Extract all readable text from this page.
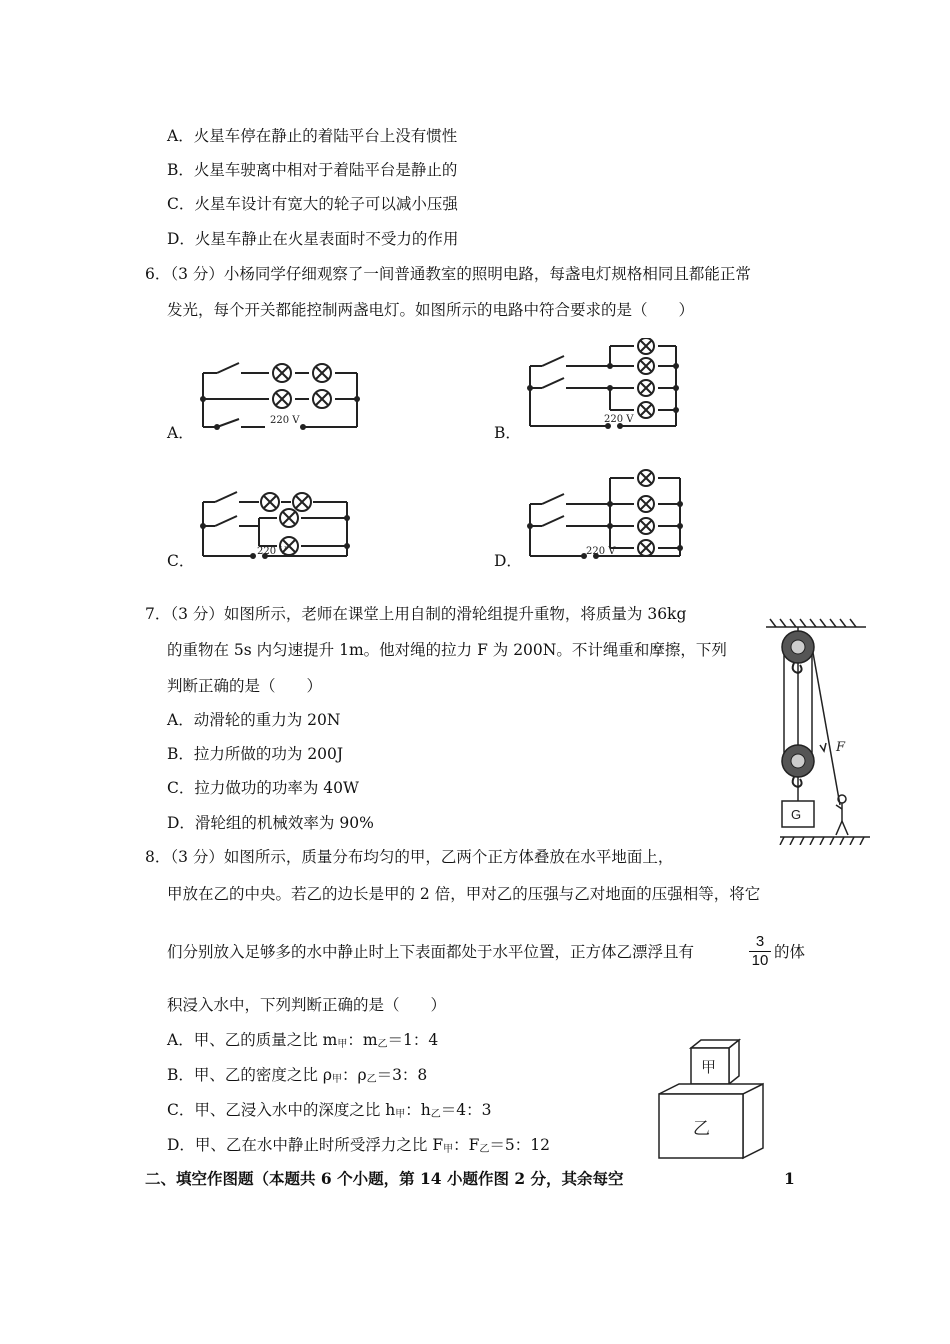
A．火星车停在静止的着陆平台上没有惯性
B．火星车驶离中相对于着陆平台是静止的
C．火星车设计有宽大的轮子可以减小压强
D．火星车静止在火星表面时不受力的作用
6．（3 分）小杨同学仔细观察了一间普通教室的照明电路，每盏电灯规格相同且都能正常
发光，每个开关都能控制两盏电灯。如图所示的电路中符合要求的是（　　）
A．	B．
C．	D．
220 V	220 V
220 V	220 V
7．（3 分）如图所示，老师在课堂上用自制的滑轮组提升重物，将质量为 36kg
的重物在 5s 内匀速提升 1m。他对绳的拉力 F 为 200N。不计绳重和摩擦，下列
判断正确的是（　　）
A．动滑轮的重力为 20N
B．拉力所做的功为 200J
C．拉力做功的功率为 40W
D．滑轮组的机械效率为 90%
F
G
8．（3 分）如图所示，质量分布均匀的甲，乙两个正方体叠放在水平地面上，
甲放在乙的中央。若乙的边长是甲的 2 倍，甲对乙的压强与乙对地面的压强相等，将它
们分别放入足够多的水中静止时上下表面都处于水平位置，正方体乙漂浮且有	$\frac{3}{10}$ 的体
积浸入水中，下列判断正确的是（　　）
A．甲、乙的质量之比 $m_甲$：$m_乙=1$：4
B．甲、乙的密度之比 $\rho_甲$：$\rho_乙=3$：8
C．甲、乙浸入水中的深度之比 $h_甲$：$h_乙=4$：3
D．甲、乙在水中静止时所受浮力之比 $F_甲$：$F_乙=5$：12
甲
乙
二、填空作图题（本题共 6 个小题，第 14 小题作图 2 分，其余每空	1
